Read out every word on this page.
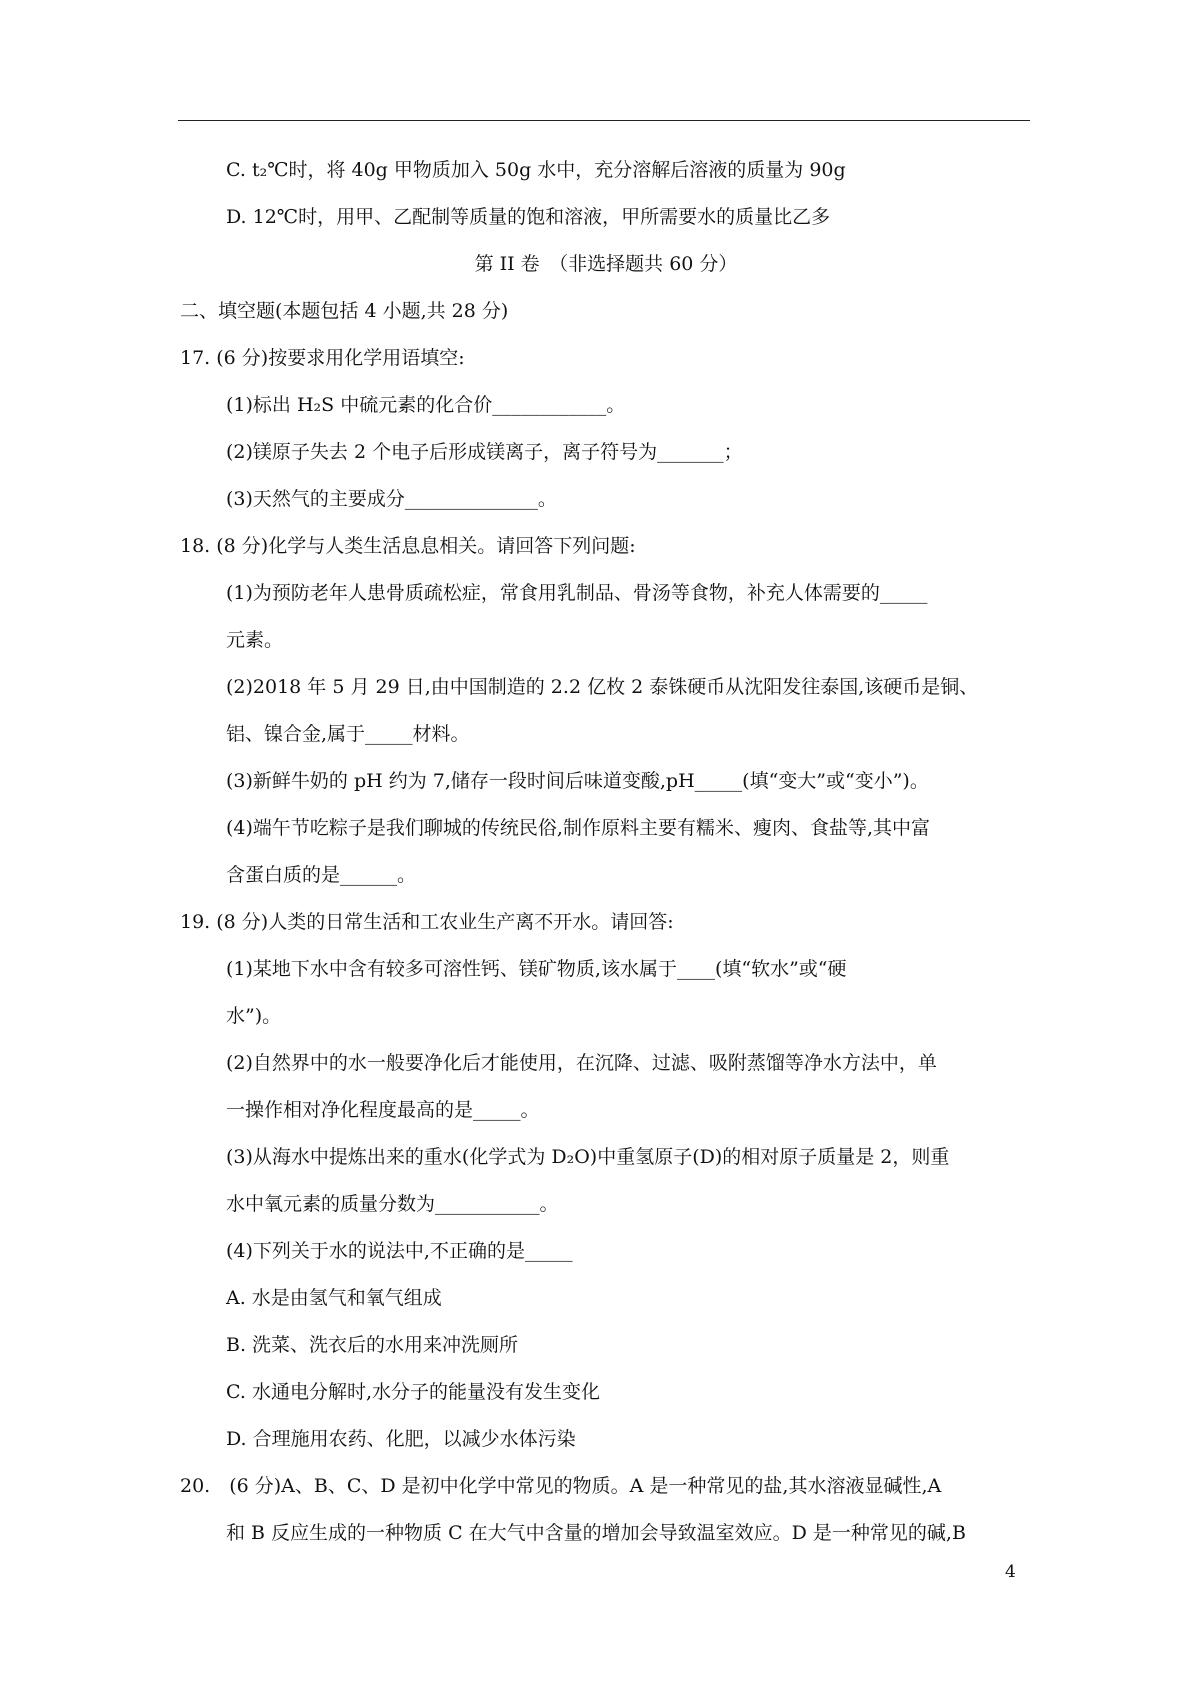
C. t₂℃时，将 40g 甲物质加入 50g 水中，充分溶解后溶液的质量为 90g
D. 12℃时，用甲、乙配制等质量的饱和溶液，甲所需要水的质量比乙多
第 II 卷　（非选择题共 60 分）
二、填空题(本题包括 4 小题,共 28 分)
17. (6 分)按要求用化学用语填空:
(1)标出 H₂S 中硫元素的化合价____________。
(2)镁原子失去 2 个电子后形成镁离子，离子符号为_______；
(3)天然气的主要成分______________。
18. (8 分)化学与人类生活息息相关。请回答下列问题:
(1)为预防老年人患骨质疏松症，常食用乳制品、骨汤等食物，补充人体需要的_____
元素。
(2)2018 年 5 月 29 日,由中国制造的 2.2 亿枚 2 泰铢硬币从沈阳发往泰国,该硬币是铜、
铝、镍合金,属于_____材料。
(3)新鲜牛奶的 pH 约为 7,储存一段时间后味道变酸,pH_____(填“变大”或“变小”)。
(4)端午节吃粽子是我们聊城的传统民俗,制作原料主要有糯米、瘦肉、食盐等,其中富
含蛋白质的是______。
19. (8 分)人类的日常生活和工农业生产离不开水。请回答:
(1)某地下水中含有较多可溶性钙、镁矿物质,该水属于____(填“软水”或“硬
水”)。
(2)自然界中的水一般要净化后才能使用，在沉降、过滤、吸附蒸馏等净水方法中，单
一操作相对净化程度最高的是_____。
(3)从海水中提炼出来的重水(化学式为 D₂O)中重氢原子(D)的相对原子质量是 2，则重
水中氧元素的质量分数为___________。
(4)下列关于水的说法中,不正确的是_____
A. 水是由氢气和氧气组成
B. 洗菜、洗衣后的水用来冲洗厕所
C. 水通电分解时,水分子的能量没有发生变化
D. 合理施用农药、化肥，以减少水体污染
20.　(6 分)A、B、C、D 是初中化学中常见的物质。A 是一种常见的盐,其水溶液显碱性,A
和 B 反应生成的一种物质 C 在大气中含量的增加会导致温室效应。D 是一种常见的碱,B
4
